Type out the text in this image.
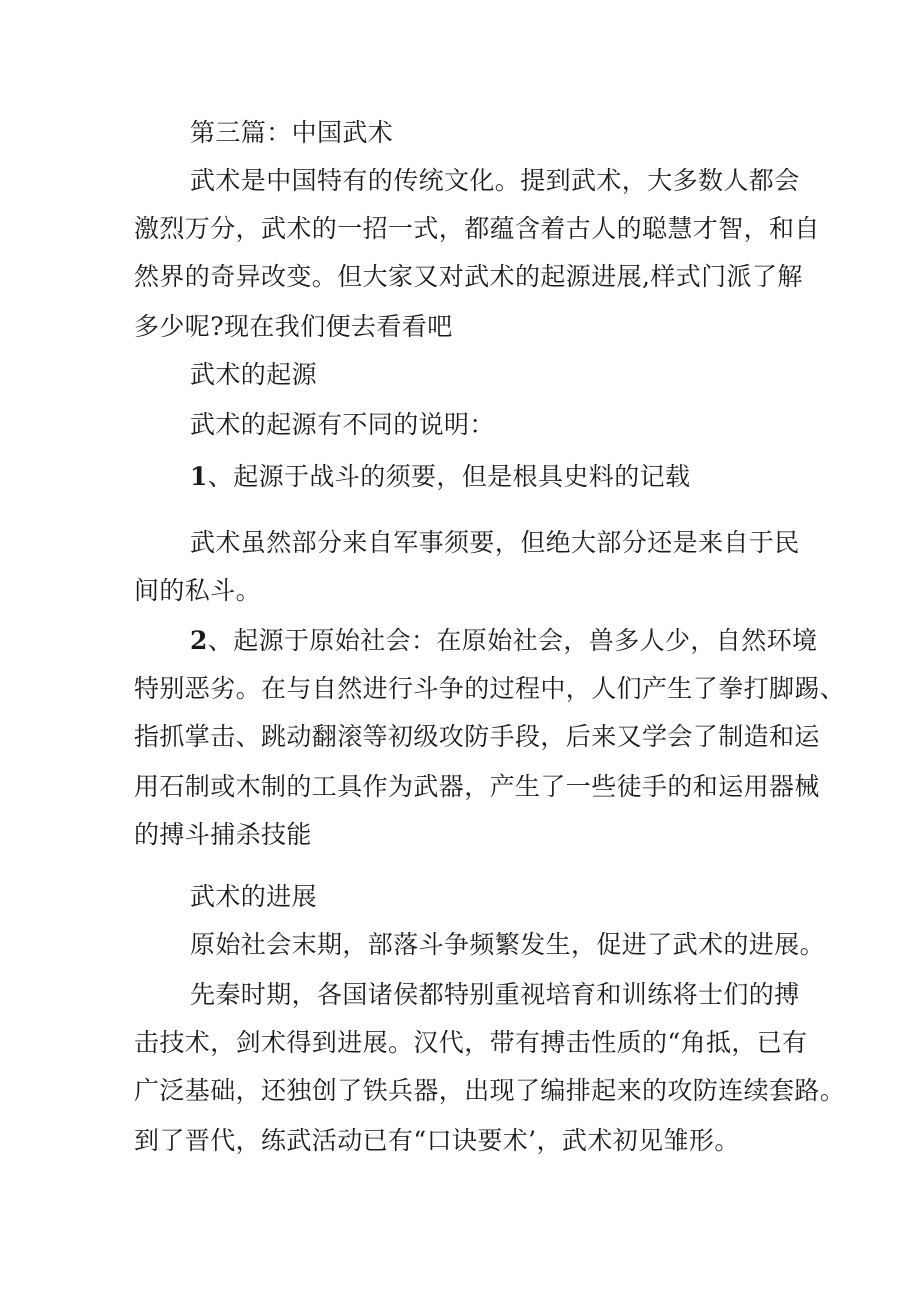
第三篇：中国武术
武术是中国特有的传统文化。提到武术，大多数人都会
激烈万分，武术的一招一式，都蕴含着古人的聪慧才智，和自
然界的奇异改变。但大家又对武术的起源进展,样式门派了解
多少呢?现在我们便去看看吧
武术的起源
武术的起源有不同的说明：
1、起源于战斗的须要，但是根具史料的记载
武术虽然部分来自军事须要，但绝大部分还是来自于民
间的私斗。
2、起源于原始社会：在原始社会，兽多人少，自然环境
特别恶劣。在与自然进行斗争的过程中，人们产生了拳打脚踢、
指抓掌击、跳动翻滚等初级攻防手段，后来又学会了制造和运
用石制或木制的工具作为武器，产生了一些徒手的和运用器械
的搏斗捕杀技能
武术的进展
原始社会末期，部落斗争频繁发生，促进了武术的进展。
先秦时期，各国诸侯都特别重视培育和训练将士们的搏
击技术，剑术得到进展。汉代，带有搏击性质的“角抵，已有
广泛基础，还独创了铁兵器，出现了编排起来的攻防连续套路。
到了晋代，练武活动已有“口诀要术’，武术初见雏形。
